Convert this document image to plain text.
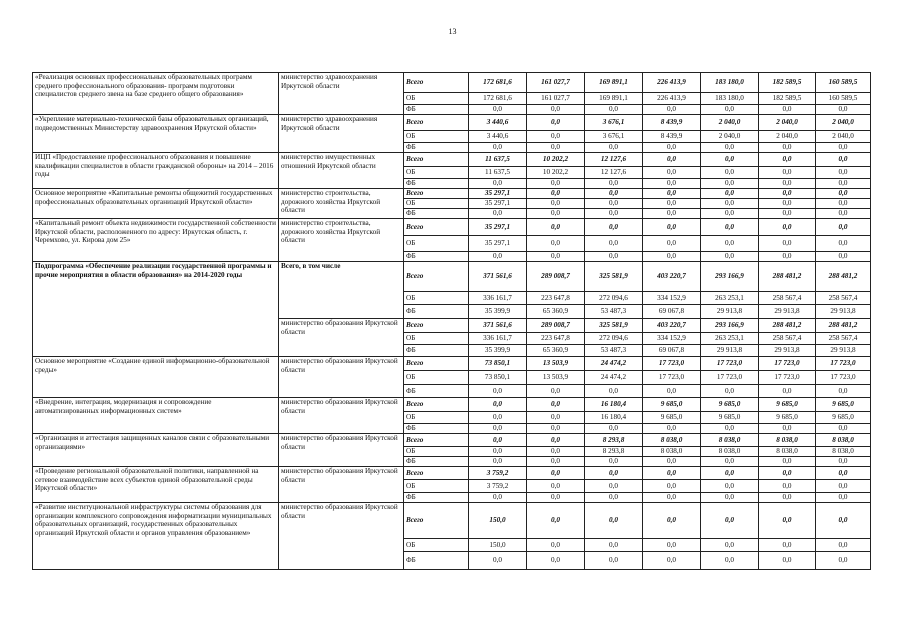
13
«Реализация основных профессиональных образовательных программ среднего профессионального образования- программ подготовки специалистов среднего звена на базе среднего общего образования»	министерство здравоохранения Иркутской области	Всего	172 681,6	161 027,7	169 891,1	226 413,9	183 180,0	182 589,5	160 589,5
		ОБ	172 681,6	161 027,7	169 891,1	226 413,9	183 180,0	182 589,5	160 589,5
		ФБ	0,0	0,0	0,0	0,0	0,0	0,0	0,0
«Укрепление материально-технической базы образовательных организаций, подведомственных Министерству здравоохранения Иркутской области»	министерство здравоохранения Иркутской области	Всего	3 440,6	0,0	3 676,1	8 439,9	2 040,0	2 040,0	2 040,0
		ОБ	3 440,6	0,0	3 676,1	8 439,9	2 040,0	2 040,0	2 040,0
		ФБ	0,0	0,0	0,0	0,0	0,0	0,0	0,0
ИЦП «Предоставление профессионального образования и повышение квалификации специалистов в области гражданской обороны» на 2014 – 2016 годы	министерство имущественных отношений Иркутской области	Всего	11 637,5	10 202,2	12 127,6	0,0	0,0	0,0	0,0
		ОБ	11 637,5	10 202,2	12 127,6	0,0	0,0	0,0	0,0
		ФБ	0,0	0,0	0,0	0,0	0,0	0,0	0,0
Основное мероприятие «Капитальные ремонты общежитий государственных профессиональных образовательных организаций Иркутской области»	министерство строительства, дорожного хозяйства Иркутской области	Всего	35 297,1	0,0	0,0	0,0	0,0	0,0	0,0
		ОБ	35 297,1	0,0	0,0	0,0	0,0	0,0	0,0
		ФБ	0,0	0,0	0,0	0,0	0,0	0,0	0,0
«Капитальный ремонт объекта недвижимости государственной собственности Иркутской области, расположенного по адресу: Иркутская область, г. Черемхово, ул. Кирова дом 25»	министерство строительства, дорожного хозяйства Иркутской области	Всего	35 297,1	0,0	0,0	0,0	0,0	0,0	0,0
		ОБ	35 297,1	0,0	0,0	0,0	0,0	0,0	0,0
		ФБ	0,0	0,0	0,0	0,0	0,0	0,0	0,0
Подпрограмма «Обеспечение реализации государственной программы и прочие мероприятия в области образования» на 2014-2020 годы	Всего, в том числе	Всего	371 561,6	289 008,7	325 581,9	403 220,7	293 166,9	288 481,2	288 481,2
		ОБ	336 161,7	223 647,8	272 094,6	334 152,9	263 253,1	258 567,4	258 567,4
		ФБ	35 399,9	65 360,9	53 487,3	69 067,8	29 913,8	29 913,8	29 913,8
	министерство образования Иркутской области	Всего	371 561,6	289 008,7	325 581,9	403 220,7	293 166,9	288 481,2	288 481,2
		ОБ	336 161,7	223 647,8	272 094,6	334 152,9	263 253,1	258 567,4	258 567,4
		ФБ	35 399,9	65 360,9	53 487,3	69 067,8	29 913,8	29 913,8	29 913,8
Основное мероприятие «Создание единой информационно-образовательной среды»	министерство образования Иркутской области	Всего	73 850,1	13 503,9	24 474,2	17 723,0	17 723,0	17 723,0	17 723,0
		ОБ	73 850,1	13 503,9	24 474,2	17 723,0	17 723,0	17 723,0	17 723,0
		ФБ	0,0	0,0	0,0	0,0	0,0	0,0	0,0
«Внедрение, интеграция, модернизация и сопровождение автоматизированных информационных систем»	министерство образования Иркутской области	Всего	0,0	0,0	16 180,4	9 685,0	9 685,0	9 685,0	9 685,0
		ОБ	0,0	0,0	16 180,4	9 685,0	9 685,0	9 685,0	9 685,0
		ФБ	0,0	0,0	0,0	0,0	0,0	0,0	0,0
«Организация и аттестация защищенных каналов связи с образовательными организациями»	министерство образования Иркутской области	Всего	0,0	0,0	8 293,8	8 038,0	8 038,0	8 038,0	8 038,0
		ОБ	0,0	0,0	8 293,8	8 038,0	8 038,0	8 038,0	8 038,0
		ФБ	0,0	0,0	0,0	0,0	0,0	0,0	0,0
«Проведение региональной образовательной политики, направленной на сетевое взаимодействие всех субъектов единой образовательной среды Иркутской области»	министерство образования Иркутской области	Всего	3 759,2	0,0	0,0	0,0	0,0	0,0	0,0
		ОБ	3 759,2	0,0	0,0	0,0	0,0	0,0	0,0
		ФБ	0,0	0,0	0,0	0,0	0,0	0,0	0,0
«Развитие институциональной инфраструктуры системы образования для организации комплексного сопровождения информатизации муниципальных образовательных организаций, государственных образовательных организаций Иркутской области и органов управления образованием»	министерство образования Иркутской области	Всего	150,0	0,0	0,0	0,0	0,0	0,0	0,0
		ОБ	150,0	0,0	0,0	0,0	0,0	0,0	0,0
		ФБ	0,0	0,0	0,0	0,0	0,0	0,0	0,0
